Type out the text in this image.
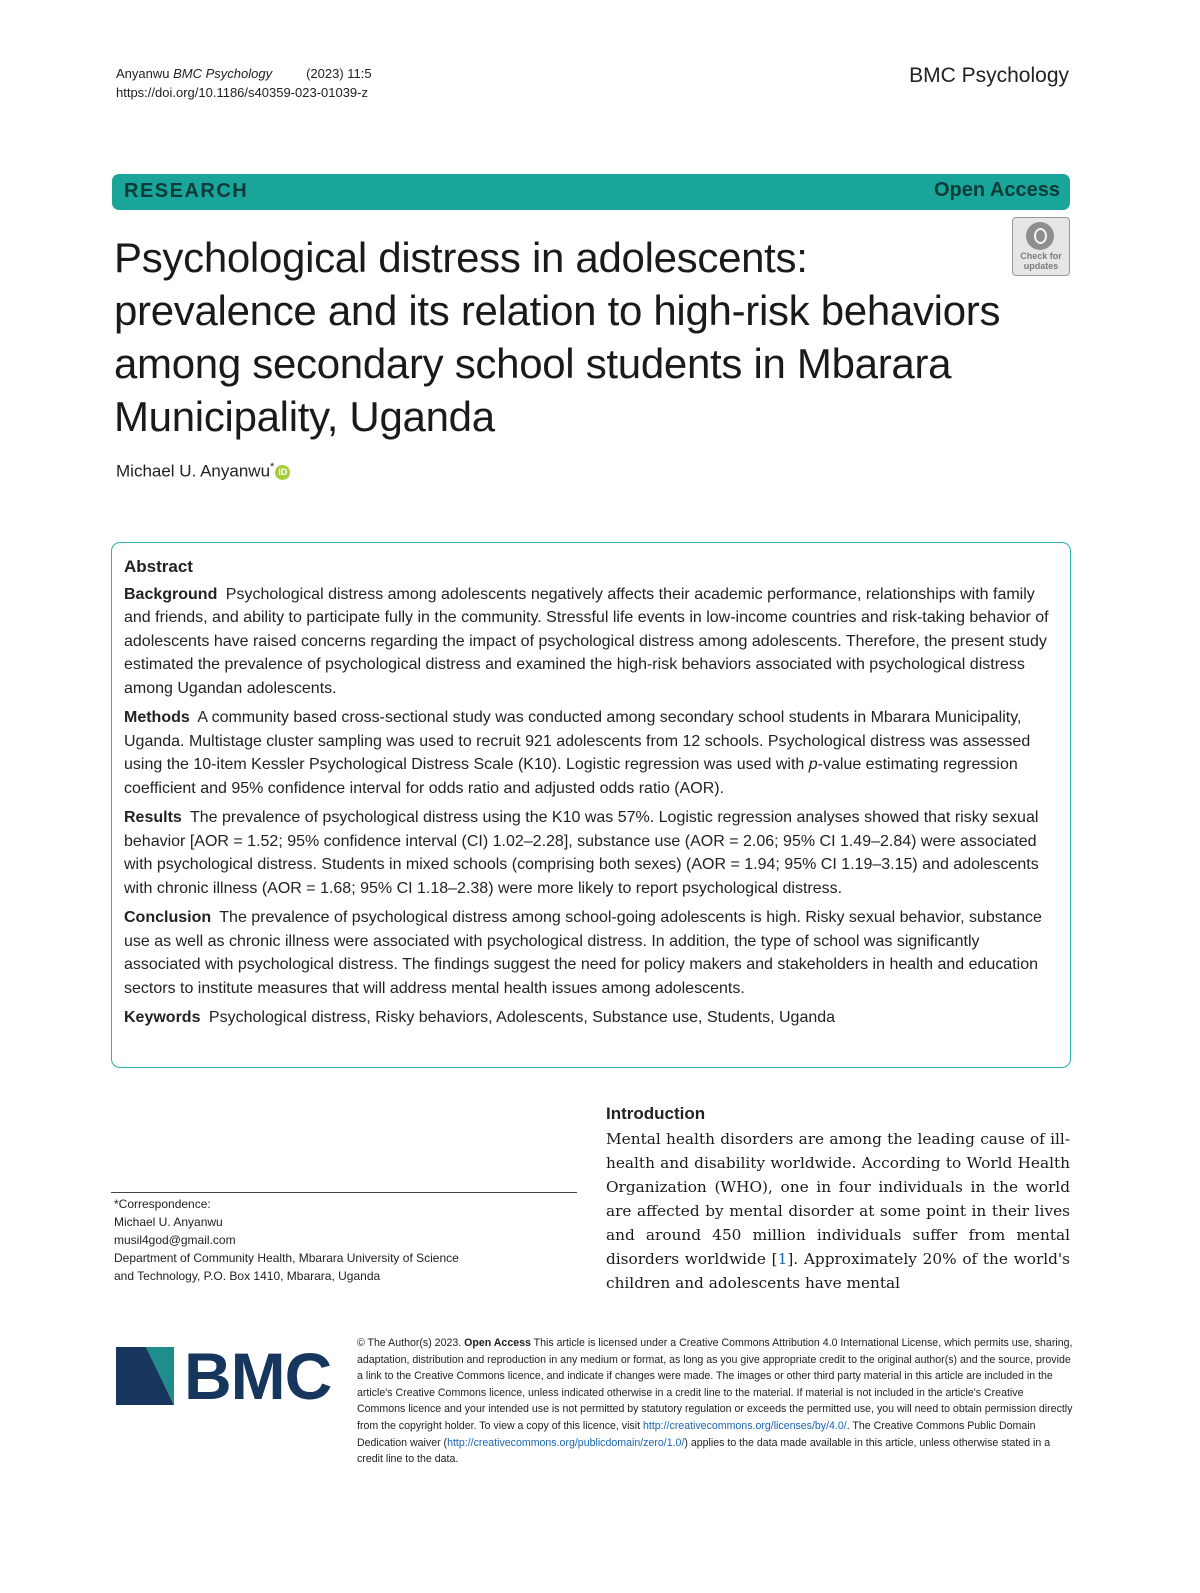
Anyanwu BMC Psychology	(2023) 11:5
https://doi.org/10.1186/s40359-023-01039-z
BMC Psychology
RESEARCH	Open Access
Psychological distress in adolescents: prevalence and its relation to high-risk behaviors among secondary school students in Mbarara Municipality, Uganda
Check for
updates
Michael U. Anyanwu* iD
Abstract

Background Psychological distress among adolescents negatively affects their academic performance, relationships with family and friends, and ability to participate fully in the community. Stressful life events in low-income countries and risk-taking behavior of adolescents have raised concerns regarding the impact of psychological distress among adolescents. Therefore, the present study estimated the prevalence of psychological distress and examined the high-risk behaviors associated with psychological distress among Ugandan adolescents.

Methods A community based cross-sectional study was conducted among secondary school students in Mbarara Municipality, Uganda. Multistage cluster sampling was used to recruit 921 adolescents from 12 schools. Psychological distress was assessed using the 10-item Kessler Psychological Distress Scale (K10). Logistic regression was used with p-value estimating regression coefficient and 95% confidence interval for odds ratio and adjusted odds ratio (AOR).

Results The prevalence of psychological distress using the K10 was 57%. Logistic regression analyses showed that risky sexual behavior [AOR = 1.52; 95% confidence interval (CI) 1.02–2.28], substance use (AOR = 2.06; 95% CI 1.49–2.84) were associated with psychological distress. Students in mixed schools (comprising both sexes) (AOR = 1.94; 95% CI 1.19–3.15) and adolescents with chronic illness (AOR = 1.68; 95% CI 1.18–2.38) were more likely to report psychological distress.

Conclusion The prevalence of psychological distress among school-going adolescents is high. Risky sexual behavior, substance use as well as chronic illness were associated with psychological distress. In addition, the type of school was significantly associated with psychological distress. The findings suggest the need for policy makers and stakeholders in health and education sectors to institute measures that will address mental health issues among adolescents.

Keywords Psychological distress, Risky behaviors, Adolescents, Substance use, Students, Uganda

Introduction

Mental health disorders are among the leading cause of ill-health and disability worldwide. According to World Health Organization (WHO), one in four individuals in the world are affected by mental disorder at some point in their lives and around 450 million individuals suffer from mental disorders worldwide [1]. Approximately 20% of the world's children and adolescents have mental

*Correspondence:
Michael U. Anyanwu
musil4god@gmail.com
Department of Community Health, Mbarara University of Science
and Technology, P.O. Box 1410, Mbarara, Uganda
BMC © The Author(s) 2023. Open Access This article is licensed under a Creative Commons Attribution 4.0 International License, which permits use, sharing, adaptation, distribution and reproduction in any medium or format, as long as you give appropriate credit to the original author(s) and the source, provide a link to the Creative Commons licence, and indicate if changes were made. The images or other third party material in this article are included in the article's Creative Commons licence, unless indicated otherwise in a credit line to the material. If material is not included in the article's Creative Commons licence and your intended use is not permitted by statutory regulation or exceeds the permitted use, you will need to obtain permission directly from the copyright holder. To view a copy of this licence, visit http://creativecommons.org/licenses/by/4.0/. The Creative Commons Public Domain Dedication waiver (http://creativecommons.org/publicdomain/zero/1.0/) applies to the data made available in this article, unless otherwise stated in a credit line to the data.
